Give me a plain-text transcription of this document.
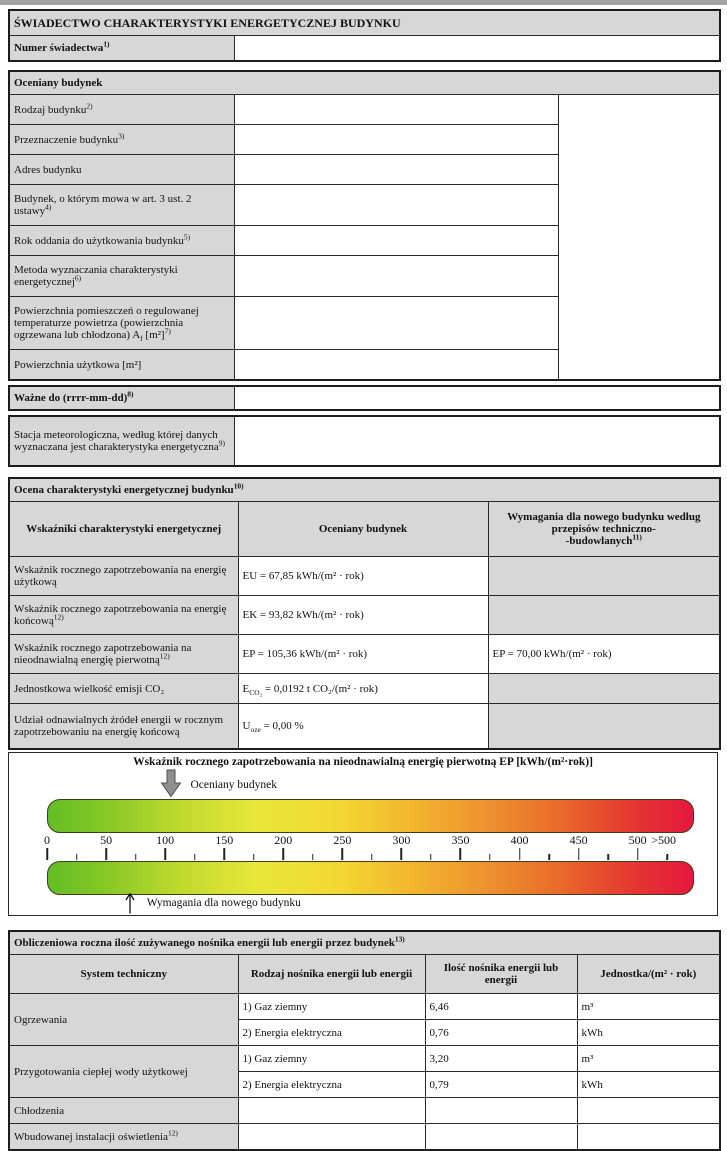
ŚWIADECTWO CHARAKTERYSTYKI ENERGETYCZNEJ BUDYNKU
Numer świadectwa$^{1)}$	
Oceniany budynek		
Rodzaj budynku$^{2)}$		
Przeznaczenie budynku$^{3)}$	
Adres budynku		
Budynek, o którym mowa w art. 3 ust. 2 ustawy$^{4)}$	
Rok oddania do użytkowania budynku$^{5)}$	
Metoda wyznaczania charakterystyki energetycznej$^{6)}$	
Powierzchnia pomieszczeń o regulowanej temperaturze powietrza (powierzchnia ogrzewana lub chłodzona) $A_f$ $[m^2]^{7)}$	
Powierzchnia użytkowa [m²]		
Ważne do (rrrr-mm-dd)$^{8)}$	
Stacja meteorologiczna, według której danych wyznaczana jest charakterystyka energetyczna$^{9)}$	
Ocena charakterystyki energetycznej budynku$^{10)}$
Wskaźniki charakterystyki energetycznej	Oceniany budynek	Wymagania dla nowego budynku według przepisów techniczno-
-budowlanych$^{11)}$
Wskaźnik rocznego zapotrzebowania na energię użytkową	EU = 67,85 kWh/(m² · rok)	
Wskaźnik rocznego zapotrzebowania na energię końcową$^{12)}$	EK = 93,82 kWh/(m² · rok)	
Wskaźnik rocznego zapotrzebowania na nieodnawialną energię pierwotną$^{12)}$	EP = 105,36 kWh/(m² · rok)	EP = 70,00 kWh/(m² · rok)
Jednostkowa wielkość emisji CO₂	$E_{CO_2} = 0,0192$ t CO₂/(m² · rok)	
Udział odnawialnych źródeł energii w rocznym zapotrzebowaniu na energię końcową	$U_{oze} = 0,00$ %	
Wskaźnik rocznego zapotrzebowania na nieodnawialną energię pierwotną EP [kWh/(m²·rok)]
Oceniany budynek
0	50	100	150	200	250	300	350	400	450	500 >500
Wymagania dla nowego budynku
Obliczeniowa roczna ilość zużywanego nośnika energii lub energii przez budynek$^{13)}$
System techniczny	Rodzaj nośnika energii lub energii	Ilość nośnika energii lub energii	Jednostka/(m² · rok)
Ogrzewania	1) Gaz ziemny	6,46	m³
	2) Energia elektryczna	0,76	kWh
Przygotowania ciepłej wody użytkowej	1) Gaz ziemny	3,20	m³
	2) Energia elektryczna	0,79	kWh
Chłodzenia			
Wbudowanej instalacji oświetlenia$^{12)}$			
